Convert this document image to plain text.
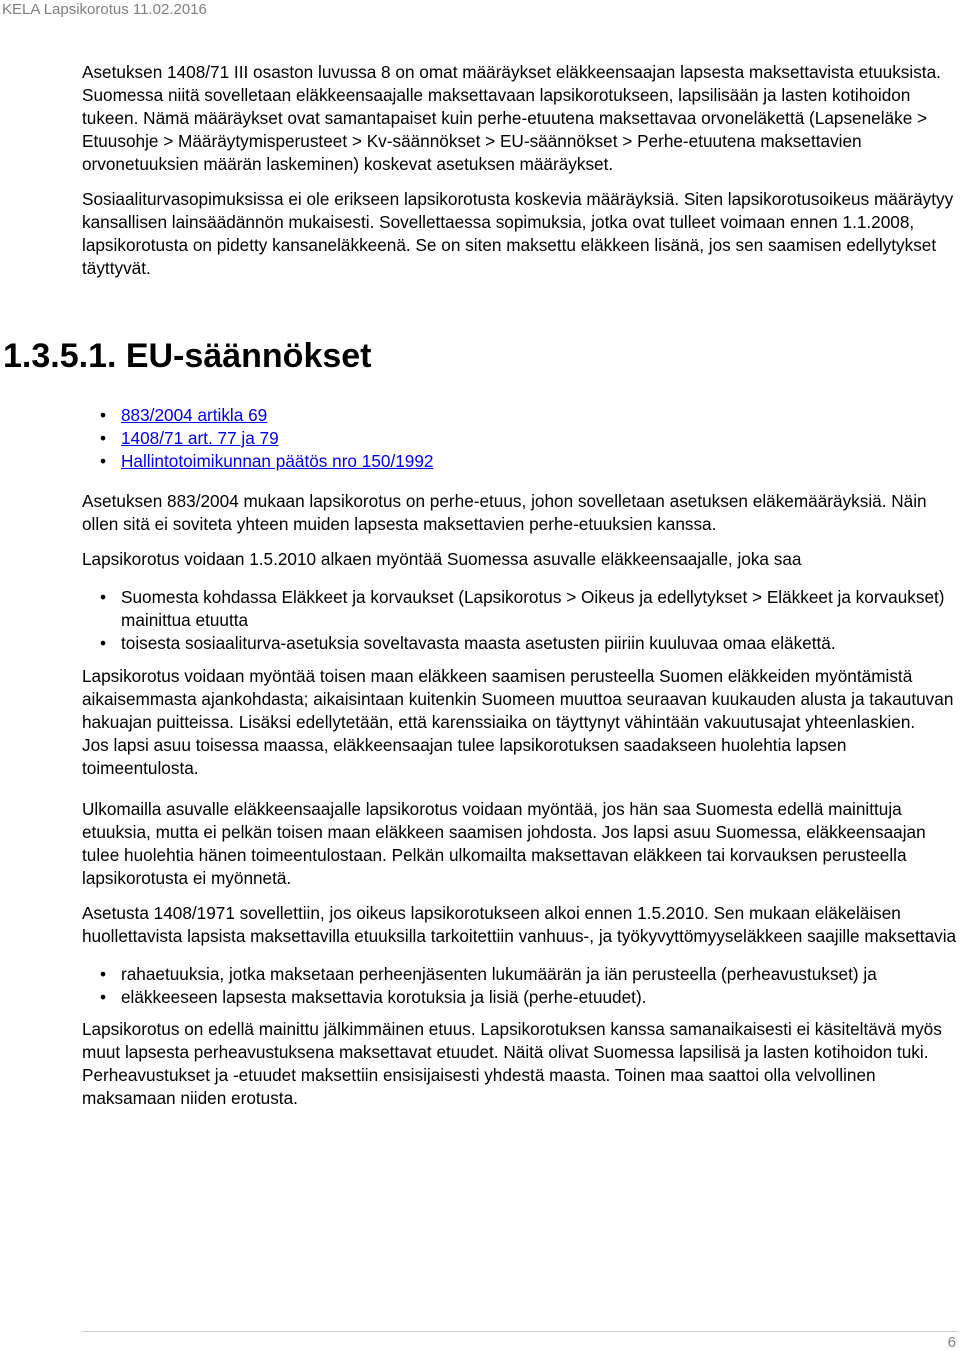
KELA Lapsikorotus 11.02.2016

Asetuksen 1408/71 III osaston luvussa 8 on omat määräykset eläkkeensaajan lapsesta maksettavista etuuksista. Suomessa niitä sovelletaan eläkkeensaajalle maksettavaan lapsikorotukseen, lapsilisään ja lasten kotihoidon tukeen. Nämä määräykset ovat samantapaiset kuin perhe-etuutena maksettavaa orvoneläkettä (Lapseneläke > Etuusohje > Määräytymisperusteet > Kv-säännökset > EU-säännökset > Perhe-etuutena maksettavien orvonetuuksien määrän laskeminen) koskevat asetuksen määräykset.

Sosiaaliturvasopimuksissa ei ole erikseen lapsikorotusta koskevia määräyksiä. Siten lapsikorotusoikeus määräytyy kansallisen lainsäädännön mukaisesti. Sovellettaessa sopimuksia, jotka ovat tulleet voimaan ennen 1.1.2008, lapsikorotusta on pidetty kansaneläkkeenä. Se on siten maksettu eläkkeen lisänä, jos sen saamisen edellytykset täyttyvät.

1.3.5.1. EU-säännökset
• 883/2004 artikla 69
• 1408/71 art. 77 ja 79
• Hallintotoimikunnan päätös nro 150/1992

Asetuksen 883/2004 mukaan lapsikorotus on perhe-etuus, johon sovelletaan asetuksen eläkemääräyksiä. Näin ollen sitä ei soviteta yhteen muiden lapsesta maksettavien perhe-etuuksien kanssa.

Lapsikorotus voidaan 1.5.2010 alkaen myöntää Suomessa asuvalle eläkkeensaajalle, joka saa

• Suomesta kohdassa Eläkkeet ja korvaukset (Lapsikorotus > Oikeus ja edellytykset > Eläkkeet ja korvaukset) mainittua etuutta
• toisesta sosiaaliturva-asetuksia soveltavasta maasta asetusten piiriin kuuluvaa omaa eläkettä.

Lapsikorotus voidaan myöntää toisen maan eläkkeen saamisen perusteella Suomen eläkkeiden myöntämistä aikaisemmasta ajankohdasta; aikaisintaan kuitenkin Suomeen muuttoa seuraavan kuukauden alusta ja takautuvan hakuajan puitteissa. Lisäksi edellytetään, että karenssiaika on täyttynyt vähintään vakuutusajat yhteenlaskien.

Jos lapsi asuu toisessa maassa, eläkkeensaajan tulee lapsikorotuksen saadakseen huolehtia lapsen toimeentulosta.

Ulkomailla asuvalle eläkkeensaajalle lapsikorotus voidaan myöntää, jos hän saa Suomesta edellä mainittuja etuuksia, mutta ei pelkän toisen maan eläkkeen saamisen johdosta. Jos lapsi asuu Suomessa, eläkkeensaajan tulee huolehtia hänen toimeentulostaan. Pelkän ulkomailta maksettavan eläkkeen tai korvauksen perusteella lapsikorotusta ei myönnetä.

Asetusta 1408/1971 sovellettiin, jos oikeus lapsikorotukseen alkoi ennen 1.5.2010. Sen mukaan eläkeläisen huollettavista lapsista maksettavilla etuuksilla tarkoitettiin vanhuus-, ja työkyvyttömyyseläkkeen saajille maksettavia

• rahaetuuksia, jotka maksetaan perheenjäsenten lukumäärän ja iän perusteella (perheavustukset) ja
• eläkkeeseen lapsesta maksettavia korotuksia ja lisiä (perhe-etuudet).

Lapsikorotus on edellä mainittu jälkimmäinen etuus. Lapsikorotuksen kanssa samanaikaisesti ei käsiteltävä myös muut lapsesta perheavustuksena maksettavat etuudet. Näitä olivat Suomessa lapsilisä ja lasten kotihoidon tuki. Perheavustukset ja -etuudet maksettiin ensisijaisesti yhdestä maasta. Toinen maa saattoi olla velvollinen maksamaan niiden erotusta.

6
